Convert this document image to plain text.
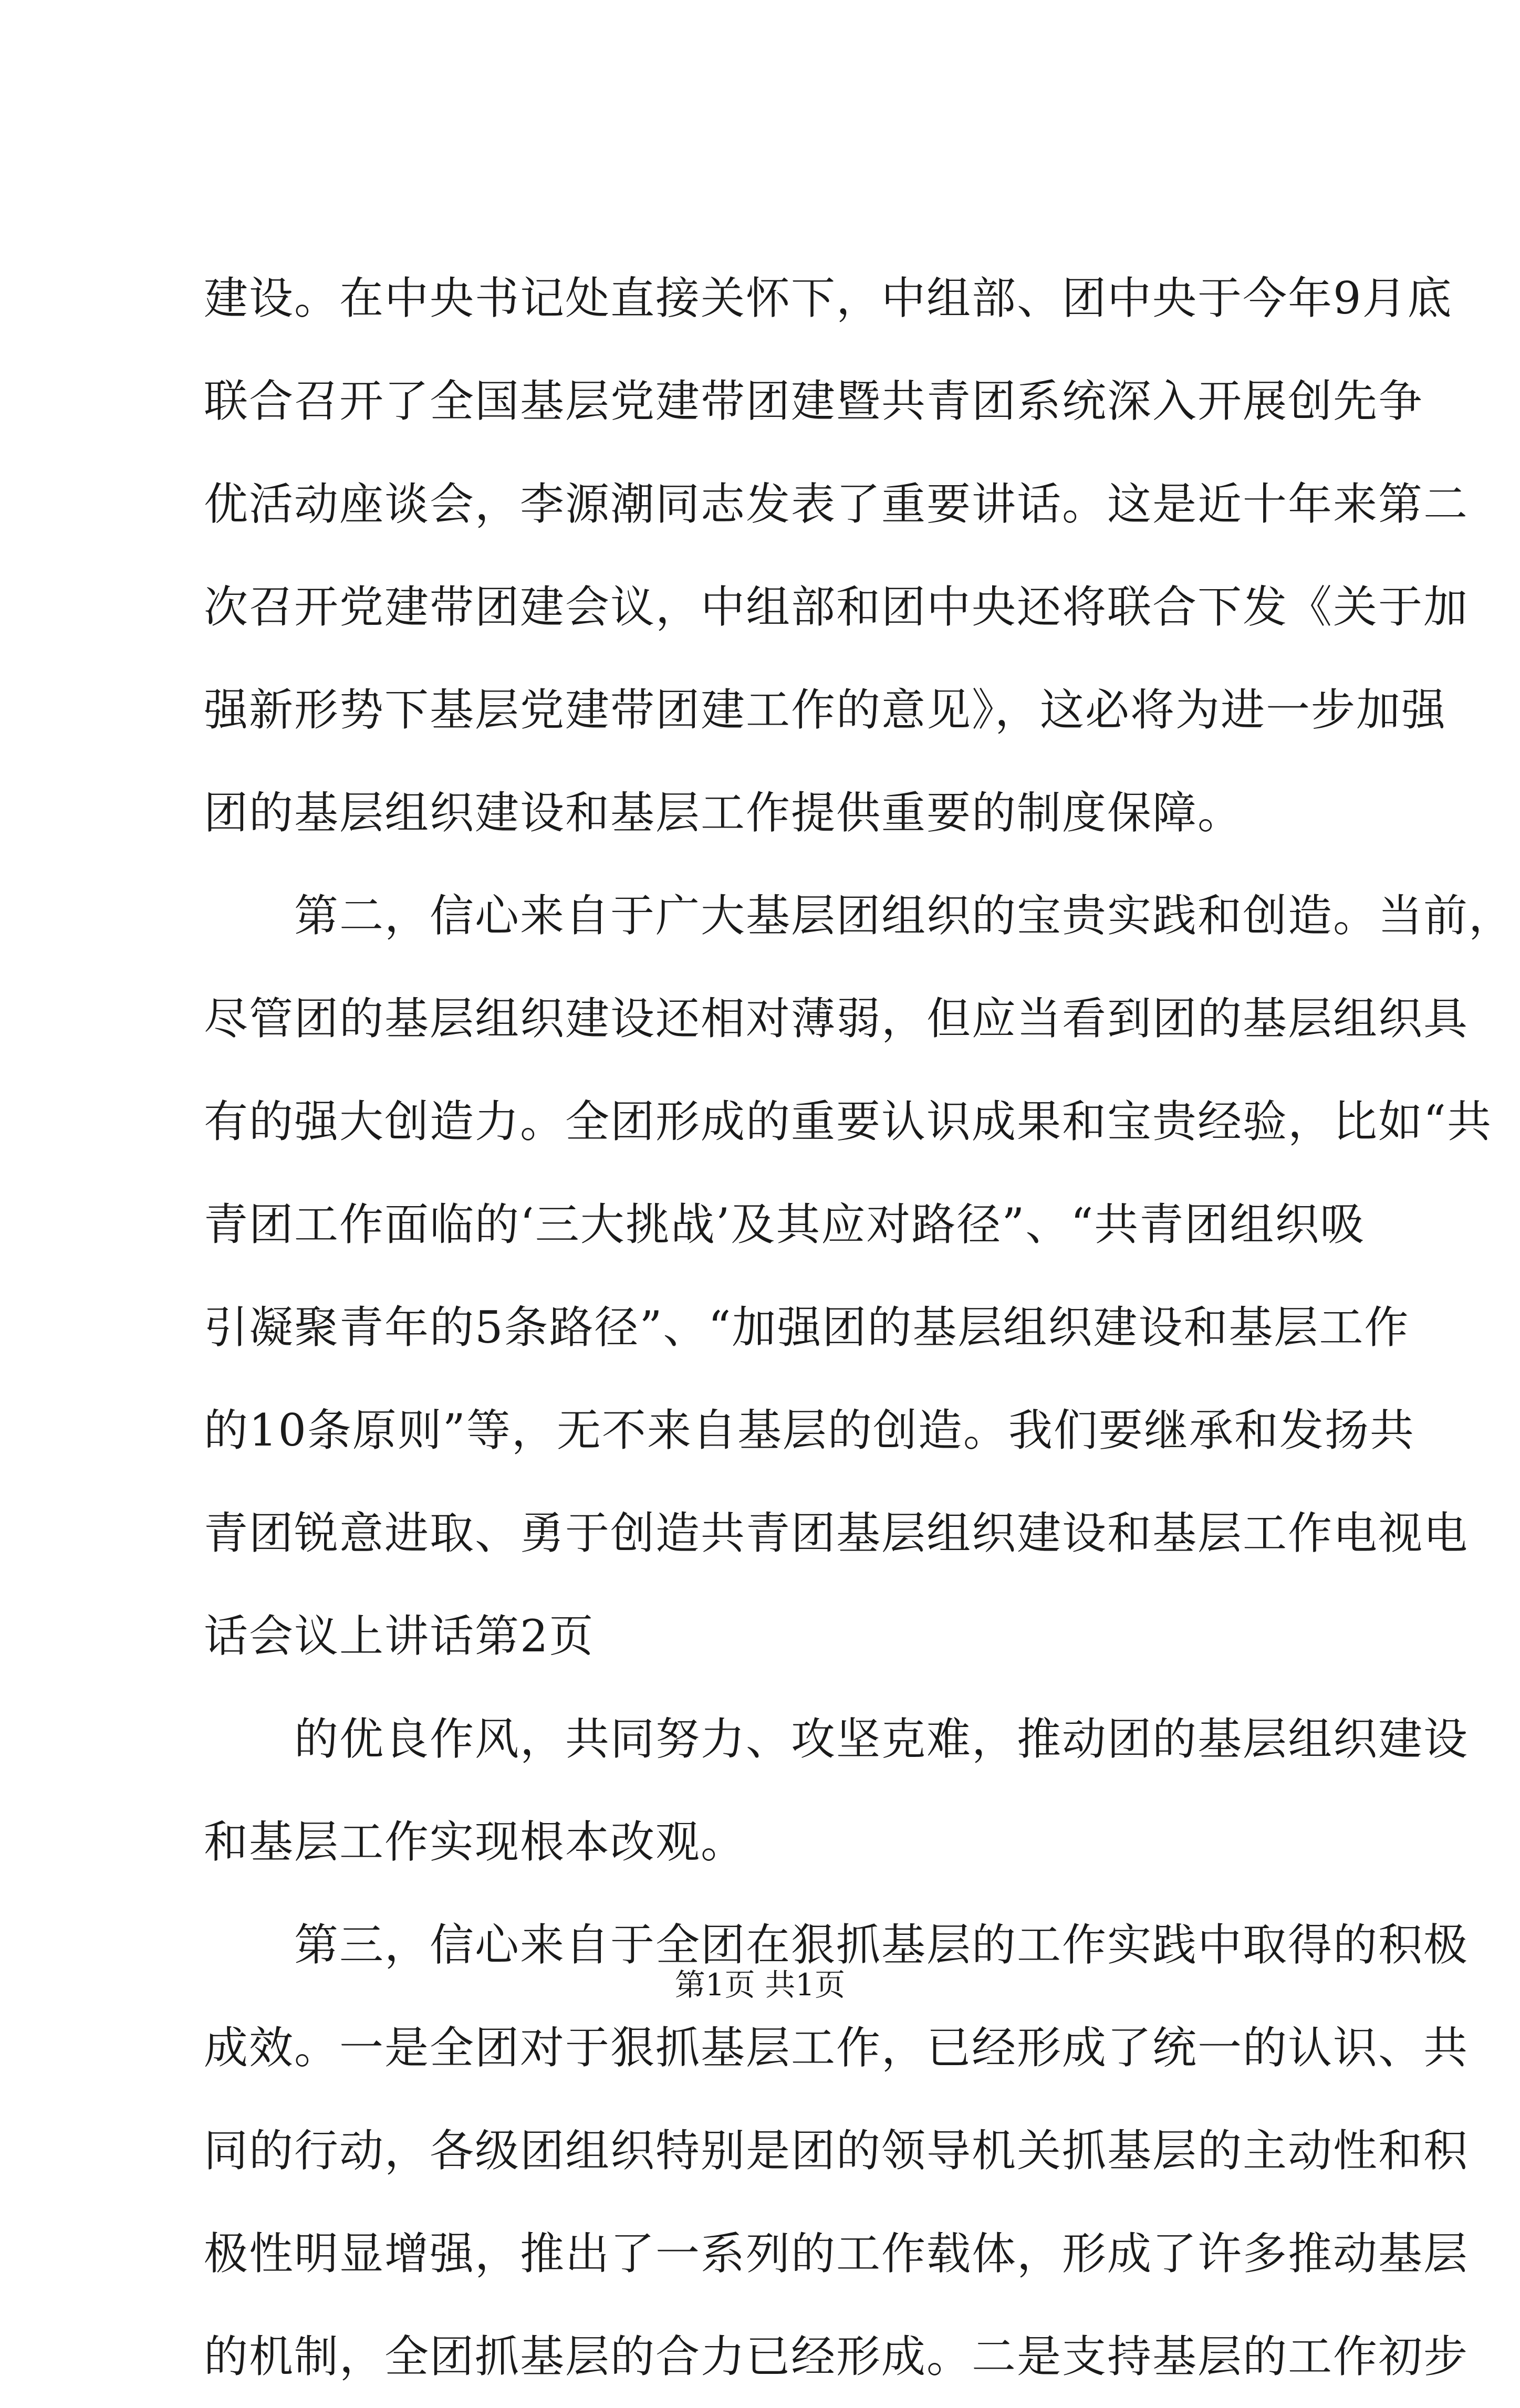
建设。在中央书记处直接关怀下，中组部、团中央于今年9月底
联合召开了全国基层党建带团建暨共青团系统深入开展创先争
优活动座谈会，李源潮同志发表了重要讲话。这是近十年来第二
次召开党建带团建会议，中组部和团中央还将联合下发《关于加
强新形势下基层党建带团建工作的意见》，这必将为进一步加强
团的基层组织建设和基层工作提供重要的制度保障。
第二，信心来自于广大基层团组织的宝贵实践和创造。当前，
尽管团的基层组织建设还相对薄弱，但应当看到团的基层组织具
有的强大创造力。全团形成的重要认识成果和宝贵经验，比如“共
青团工作面临的‘三大挑战’及其应对路径”、“共青团组织吸
引凝聚青年的5条路径”、“加强团的基层组织建设和基层工作
的10条原则”等，无不来自基层的创造。我们要继承和发扬共
青团锐意进取、勇于创造共青团基层组织建设和基层工作电视电
话会议上讲话第2页
的优良作风，共同努力、攻坚克难，推动团的基层组织建设
和基层工作实现根本改观。
第三，信心来自于全团在狠抓基层的工作实践中取得的积极
成效。一是全团对于狠抓基层工作，已经形成了统一的认识、共
同的行动，各级团组织特别是团的领导机关抓基层的主动性和积
极性明显增强，推出了一系列的工作载体，形成了许多推动基层
的机制，全团抓基层的合力已经形成。二是支持基层的工作初步
第1页 共1页
